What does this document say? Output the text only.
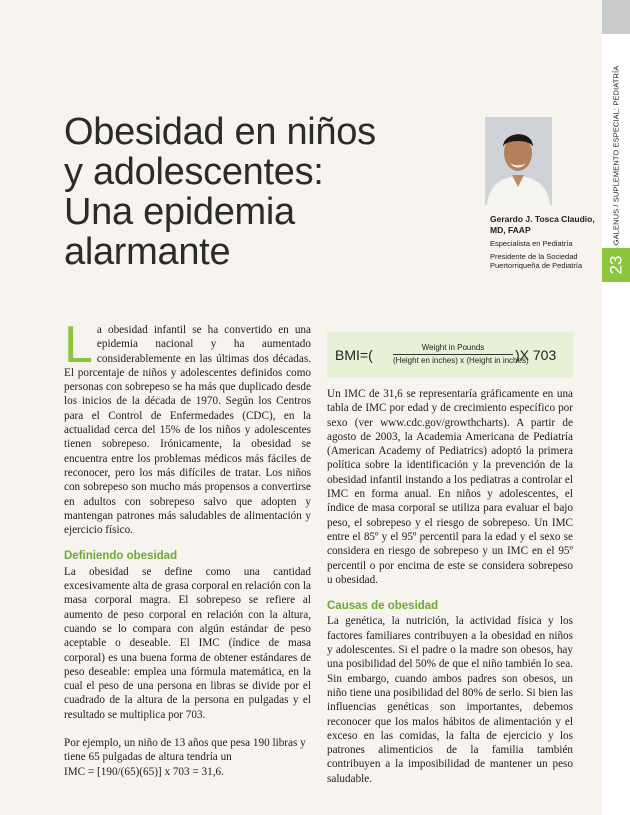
GALENUS / SUPLEMENTO ESPECIAL: PEDIATRÍA
23
Obesidad en niños
y adolescentes:
Una epidemia
alarmante
Gerardo J. Tosca Claudio,
MD, FAAP
Especialista en Pediatría
Presidente de la Sociedad Puertorriqueña de Pediatría

La obesidad infantil se ha convertido en una epidemia nacional y ha aumentado considerablemente en las últimas dos décadas. El porcentaje de niños y adolescentes definidos como personas con sobrepeso se ha más que duplicado desde los inicios de la década de 1970. Según los Centros para el Control de Enfermedades (CDC), en la actualidad cerca del 15% de los niños y adolescentes tienen sobrepeso. Irónicamente, la obesidad se encuentra entre los problemas médicos más fáciles de reconocer, pero los más difíciles de tratar. Los niños con sobrepeso son mucho más propensos a convertirse en adultos con sobrepeso salvo que adopten y mantengan patrones más saludables de alimentación y ejercicio físico.

Definiendo obesidad

La obesidad se define como una cantidad excesivamente alta de grasa corporal en relación con la masa corporal magra. El sobrepeso se refiere al aumento de peso corporal en relación con la altura, cuando se lo compara con algún estándar de peso aceptable o deseable. El IMC (índice de masa corporal) es una buena forma de obtener estándares de peso deseable: emplea una fórmula matemática, en la cual el peso de una persona en libras se divide por el cuadrado de la altura de la persona en pulgadas y el resultado se multiplica por 703.

Por ejemplo, un niño de 13 años que pesa 190 libras y tiene 65 pulgadas de altura tendría un
IMC = [190/(65)(65)] x 703 = 31,6.

BMI=(	Weight in Pounds
(Height en inches) x (Height in inches)
)X 703

Un IMC de 31,6 se representaría gráficamente en una tabla de IMC por edad y de crecimiento específico por sexo (ver www.cdc.gov/growthcharts). A partir de agosto de 2003, la Academia Americana de Pediatría (American Academy of Pediatrics) adoptó la primera política sobre la identificación y la prevención de la obesidad infantil instando a los pediatras a controlar el IMC en forma anual. En niños y adolescentes, el índice de masa corporal se utiliza para evaluar el bajo peso, el sobrepeso y el riesgo de sobrepeso. Un IMC entre el 85º y el 95º percentil para la edad y el sexo se considera en riesgo de sobrepeso y un IMC en el 95º percentil o por encima de este se considera sobrepeso u obesidad.

Causas de obesidad

La genética, la nutrición, la actividad física y los factores familiares contribuyen a la obesidad en niños y adolescentes. Si el padre o la madre son obesos, hay una posibilidad del 50% de que el niño también lo sea. Sin embargo, cuando ambos padres son obesos, un niño tiene una posibilidad del 80% de serlo. Si bien las influencias genéticas son importantes, debemos reconocer que los malos hábitos de alimentación y el exceso en las comidas, la falta de ejercicio y los patrones alimenticios de la familia también contribuyen a la imposibilidad de mantener un peso saludable.
